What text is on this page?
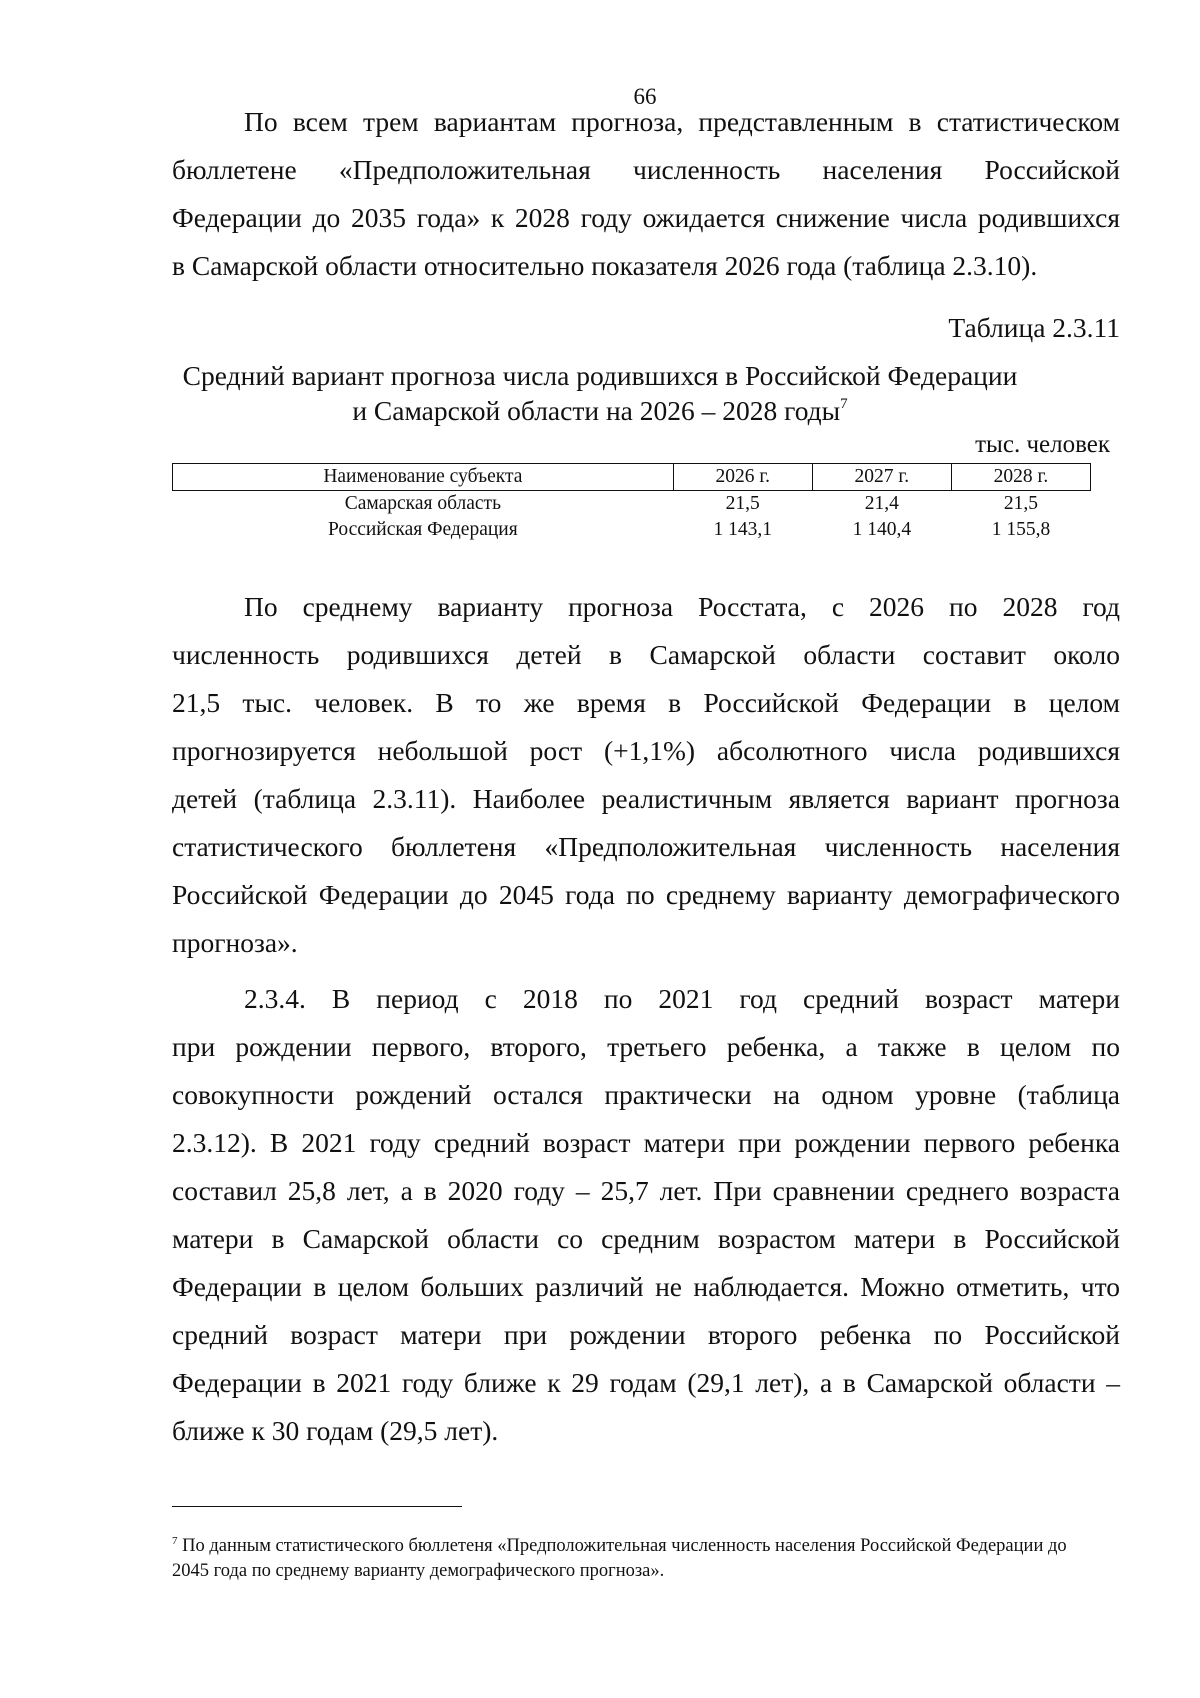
66

По всем трем вариантам прогноза, представленным в статистическом
бюллетене «Предположительная численность населения Российской
Федерации до 2035 года» к 2028 году ожидается снижение числа родившихся
в Самарской области относительно показателя 2026 года (таблица 2.3.10).

Таблица 2.3.11
Средний вариант прогноза числа родившихся в Российской Федерации
и Самарской области на 2026 – 2028 годы$^7$
тыс. человек
Наименование субъекта	2026 г.	2027 г.	2028 г.
Самарская область	21,5	21,4	21,5
Российская Федерация	1 143,1	1 140,4	1 155,8

По среднему варианту прогноза Росстата, с 2026 по 2028 год
численность родившихся детей в Самарской области составит около
21,5 тыс. человек. В то же время в Российской Федерации в целом
прогнозируется небольшой рост (+1,1%) абсолютного числа родившихся
детей (таблица 2.3.11). Наиболее реалистичным является вариант прогноза
статистического бюллетеня «Предположительная численность населения
Российской Федерации до 2045 года по среднему варианту демографического
прогноза».

2.3.4. В период с 2018 по 2021 год средний возраст матери
при рождении первого, второго, третьего ребенка, а также в целом по
совокупности рождений остался практически на одном уровне (таблица
2.3.12). В 2021 году средний возраст матери при рождении первого ребенка
составил 25,8 лет, а в 2020 году – 25,7 лет. При сравнении среднего возраста
матери в Самарской области со средним возрастом матери в Российской
Федерации в целом больших различий не наблюдается. Можно отметить, что
средний возраст матери при рождении второго ребенка по Российской
Федерации в 2021 году ближе к 29 годам (29,1 лет), а в Самарской области –
ближе к 30 годам (29,5 лет).

$^7$ По данным статистического бюллетеня «Предположительная численность населения Российской Федерации до 2045 года по среднему варианту демографического прогноза».
